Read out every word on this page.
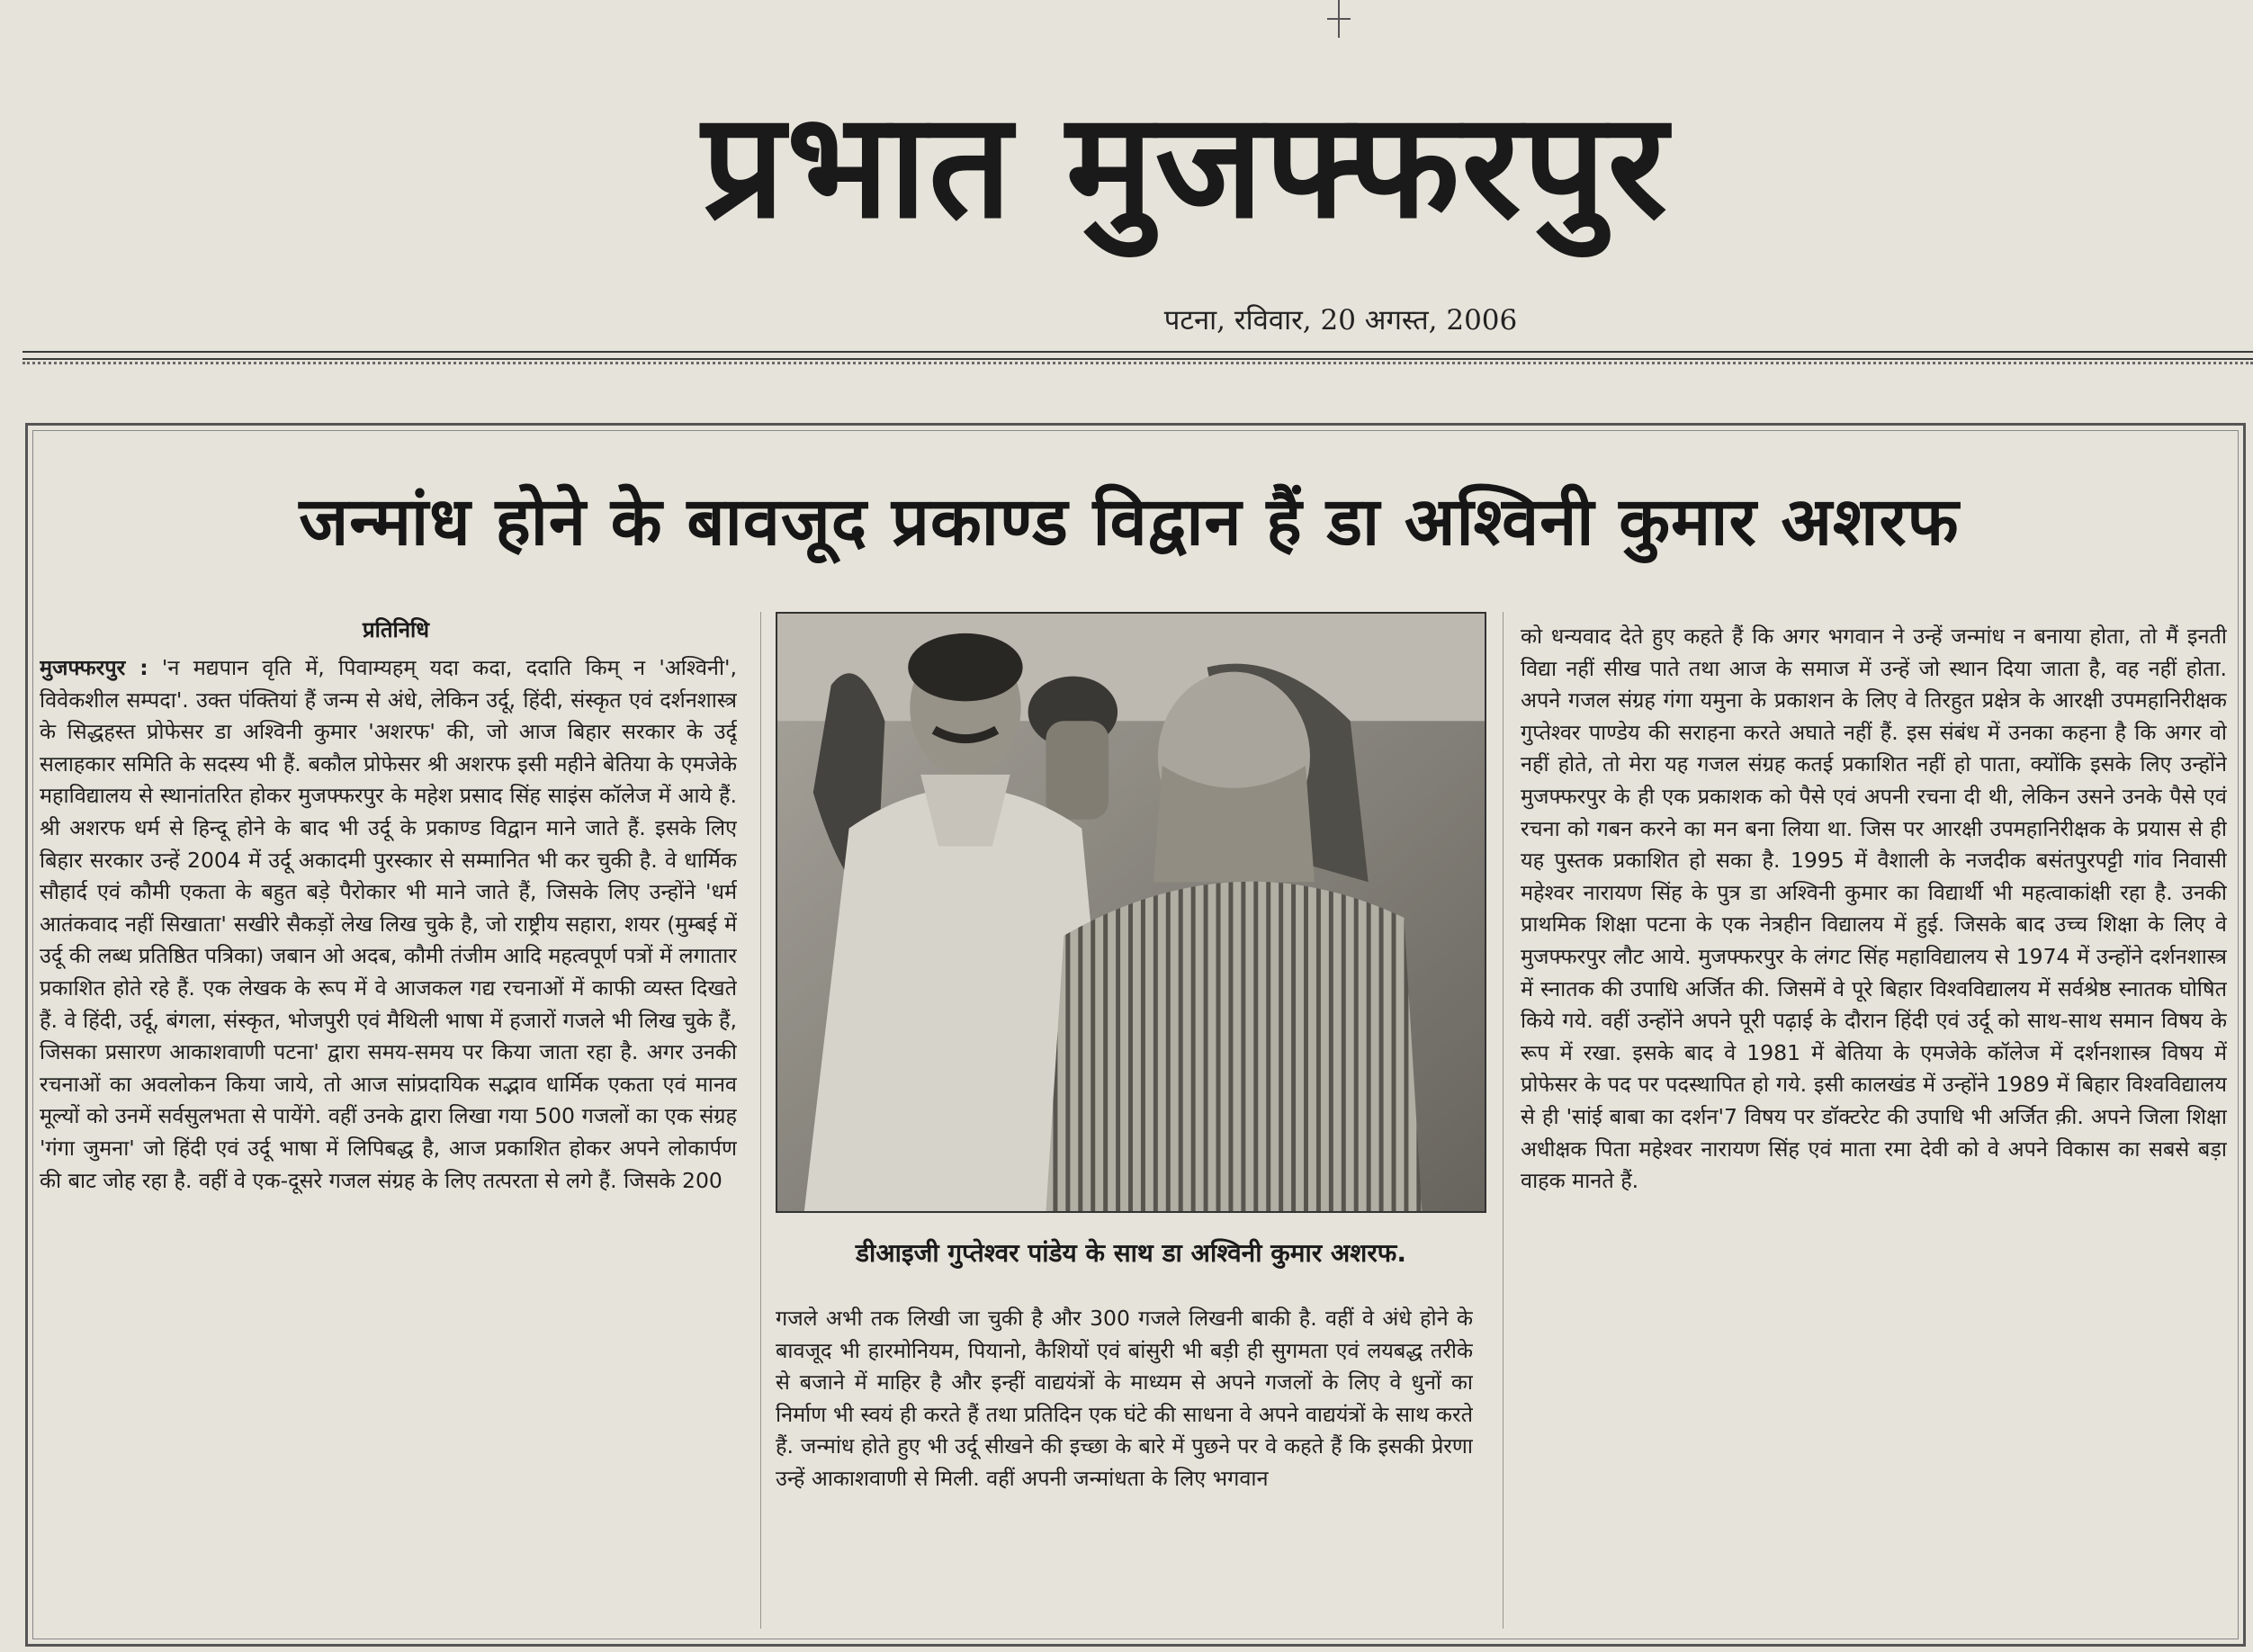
प्रभात मुजफ्फरपुर
पटना, रविवार, 20 अगस्त, 2006
जन्मांध होने के बावजूद प्रकाण्ड विद्वान हैं डा अश्विनी कुमार अशरफ
प्रतिनिधि
मुजफ्फरपुर : 'न मद्यपान वृति में, पिवाम्यहम् यदा कदा, ददाति किम् न 'अश्विनी', विवेकशील सम्पदा'. उक्त पंक्तियां हैं जन्म से अंधे, लेकिन उर्दू, हिंदी, संस्कृत एवं दर्शनशास्त्र के सिद्धहस्त प्रोफेसर डा अश्विनी कुमार 'अशरफ' की, जो आज बिहार सरकार के उर्दू सलाहकार समिति के सदस्य भी हैं. बकौल प्रोफेसर श्री अशरफ इसी महीने बेतिया के एमजेके महाविद्यालय से स्थानांतरित होकर मुजफ्फरपुर के महेश प्रसाद सिंह साइंस कॉलेज में आये हैं. श्री अशरफ धर्म से हिन्दू होने के बाद भी उर्दू के प्रकाण्ड विद्वान माने जाते हैं. इसके लिए बिहार सरकार उन्हें 2004 में उर्दू अकादमी पुरस्कार से सम्मानित भी कर चुकी है. वे धार्मिक सौहार्द एवं कौमी एकता के बहुत बड़े पैरोकार भी माने जाते हैं, जिसके लिए उन्होंने 'धर्म आतंकवाद नहीं सिखाता' सखीरे सैकड़ों लेख लिख चुके है, जो राष्ट्रीय सहारा, शयर (मुम्बई में उर्दू की लब्ध प्रतिष्ठित पत्रिका) जबान ओ अदब, कौमी तंजीम आदि महत्वपूर्ण पत्रों में लगातार प्रकाशित होते रहे हैं. एक लेखक के रूप में वे आजकल गद्य रचनाओं में काफी व्यस्त दिखते हैं. वे हिंदी, उर्दू, बंगला, संस्कृत, भोजपुरी एवं मैथिली भाषा में हजारों गजले भी लिख चुके हैं, जिसका प्रसारण आकाशवाणी पटना' द्वारा समय-समय पर किया जाता रहा है. अगर उनकी रचनाओं का अवलोकन किया जाये, तो आज सांप्रदायिक सद्भाव धार्मिक एकता एवं मानव मूल्यों को उनमें सर्वसुलभता से पायेंगे. वहीं उनके द्वारा लिखा गया 500 गजलों का एक संग्रह 'गंगा जुमना' जो हिंदी एवं उर्दू भाषा में लिपिबद्ध है, आज प्रकाशित होकर अपने लोकार्पण की बाट जोह रहा है. वहीं वे एक-दूसरे गजल संग्रह के लिए तत्परता से लगे हैं. जिसके 200
डीआइजी गुप्तेश्वर पांडेय के साथ डा अश्विनी कुमार अशरफ.
गजले अभी तक लिखी जा चुकी है और 300 गजले लिखनी बाकी है. वहीं वे अंधे होने के बावजूद भी हारमोनियम, पियानो, कैशियों एवं बांसुरी भी बड़ी ही सुगमता एवं लयबद्ध तरीके से बजाने में माहिर है और इन्हीं वाद्ययंत्रों के माध्यम से अपने गजलों के लिए वे धुनों का निर्माण भी स्वयं ही करते हैं तथा प्रतिदिन एक घंटे की साधना वे अपने वाद्ययंत्रों के साथ करते हैं. जन्मांध होते हुए भी उर्दू सीखने की इच्छा के बारे में पुछने पर वे कहते हैं कि इसकी प्रेरणा उन्हें आकाशवाणी से मिली. वहीं अपनी जन्मांधता के लिए भगवान
को धन्यवाद देते हुए कहते हैं कि अगर भगवान ने उन्हें जन्मांध न बनाया होता, तो मैं इनती विद्या नहीं सीख पाते तथा आज के समाज में उन्हें जो स्थान दिया जाता है, वह नहीं होता. अपने गजल संग्रह गंगा यमुना के प्रकाशन के लिए वे तिरहुत प्रक्षेत्र के आरक्षी उपमहानिरीक्षक गुप्तेश्वर पाण्डेय की सराहना करते अघाते नहीं हैं. इस संबंध में उनका कहना है कि अगर वो नहीं होते, तो मेरा यह गजल संग्रह कतई प्रकाशित नहीं हो पाता, क्योंकि इसके लिए उन्होंने मुजफ्फरपुर के ही एक प्रकाशक को पैसे एवं अपनी रचना दी थी, लेकिन उसने उनके पैसे एवं रचना को गबन करने का मन बना लिया था. जिस पर आरक्षी उपमहानिरीक्षक के प्रयास से ही यह पुस्तक प्रकाशित हो सका है. 1995 में वैशाली के नजदीक बसंतपुरपट्टी गांव निवासी महेश्वर नारायण सिंह के पुत्र डा अश्विनी कुमार का विद्यार्थी भी महत्वाकांक्षी रहा है. उनकी प्राथमिक शिक्षा पटना के एक नेत्रहीन विद्यालय में हुई. जिसके बाद उच्च शिक्षा के लिए वे मुजफ्फरपुर लौट आये. मुजफ्फरपुर के लंगट सिंह महाविद्यालय से 1974 में उन्होंने दर्शनशास्त्र में स्नातक की उपाधि अर्जित की. जिसमें वे पूरे बिहार विश्वविद्यालय में सर्वश्रेष्ठ स्नातक घोषित किये गये. वहीं उन्होंने अपने पूरी पढ़ाई के दौरान हिंदी एवं उर्दू को साथ-साथ समान विषय के रूप में रखा. इसके बाद वे 1981 में बेतिया के एमजेके कॉलेज में दर्शनशास्त्र विषय में प्रोफेसर के पद पर पदस्थापित हो गये. इसी कालखंड में उन्होंने 1989 में बिहार विश्वविद्यालय से ही 'सांई बाबा का दर्शन'7 विषय पर डॉक्टरेट की उपाधि भी अर्जित क़ी. अपने जिला शिक्षा अधीक्षक पिता महेश्वर नारायण सिंह एवं माता रमा देवी को वे अपने विकास का सबसे बड़ा वाहक मानते हैं.
